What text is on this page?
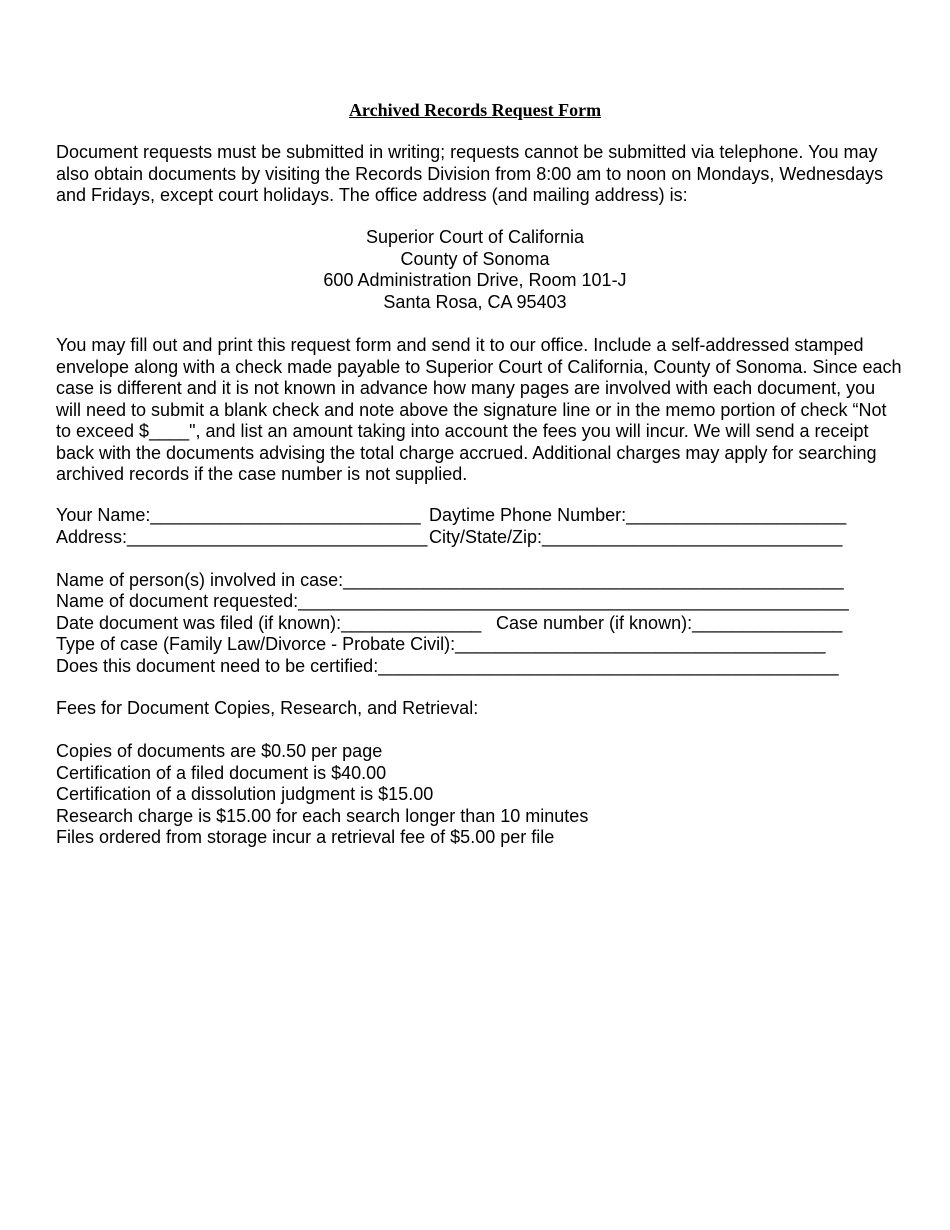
Archived Records Request Form

Document requests must be submitted in writing; requests cannot be submitted via telephone. You may also obtain documents by visiting the Records Division from 8:00 am to noon on Mondays, Wednesdays and Fridays, except court holidays. The office address (and mailing address) is:

Superior Court of California
County of Sonoma
600 Administration Drive, Room 101-J
Santa Rosa, CA 95403

You may fill out and print this request form and send it to our office. Include a self-addressed stamped envelope along with a check made payable to Superior Court of California, County of Sonoma. Since each case is different and it is not known in advance how many pages are involved with each document, you will need to submit a blank check and note above the signature line or in the memo portion of check “Not to exceed $____", and list an amount taking into account the fees you will incur. We will send a receipt back with the documents advising the total charge accrued. Additional charges may apply for searching archived records if the case number is not supplied.

Your Name:___________________________ Daytime Phone Number:______________________
Address:______________________________ City/State/Zip:______________________________
Name of person(s) involved in case:__________________________________________________
Name of document requested:_______________________________________________________
Date document was filed (if known):______________ Case number (if known):_______________
Type of case (Family Law/Divorce - Probate Civil):_____________________________________
Does this document need to be certified:______________________________________________
Fees for Document Copies, Research, and Retrieval:
Copies of documents are $0.50 per page
Certification of a filed document is $40.00
Certification of a dissolution judgment is $15.00
Research charge is $15.00 for each search longer than 10 minutes
Files ordered from storage incur a retrieval fee of $5.00 per file
